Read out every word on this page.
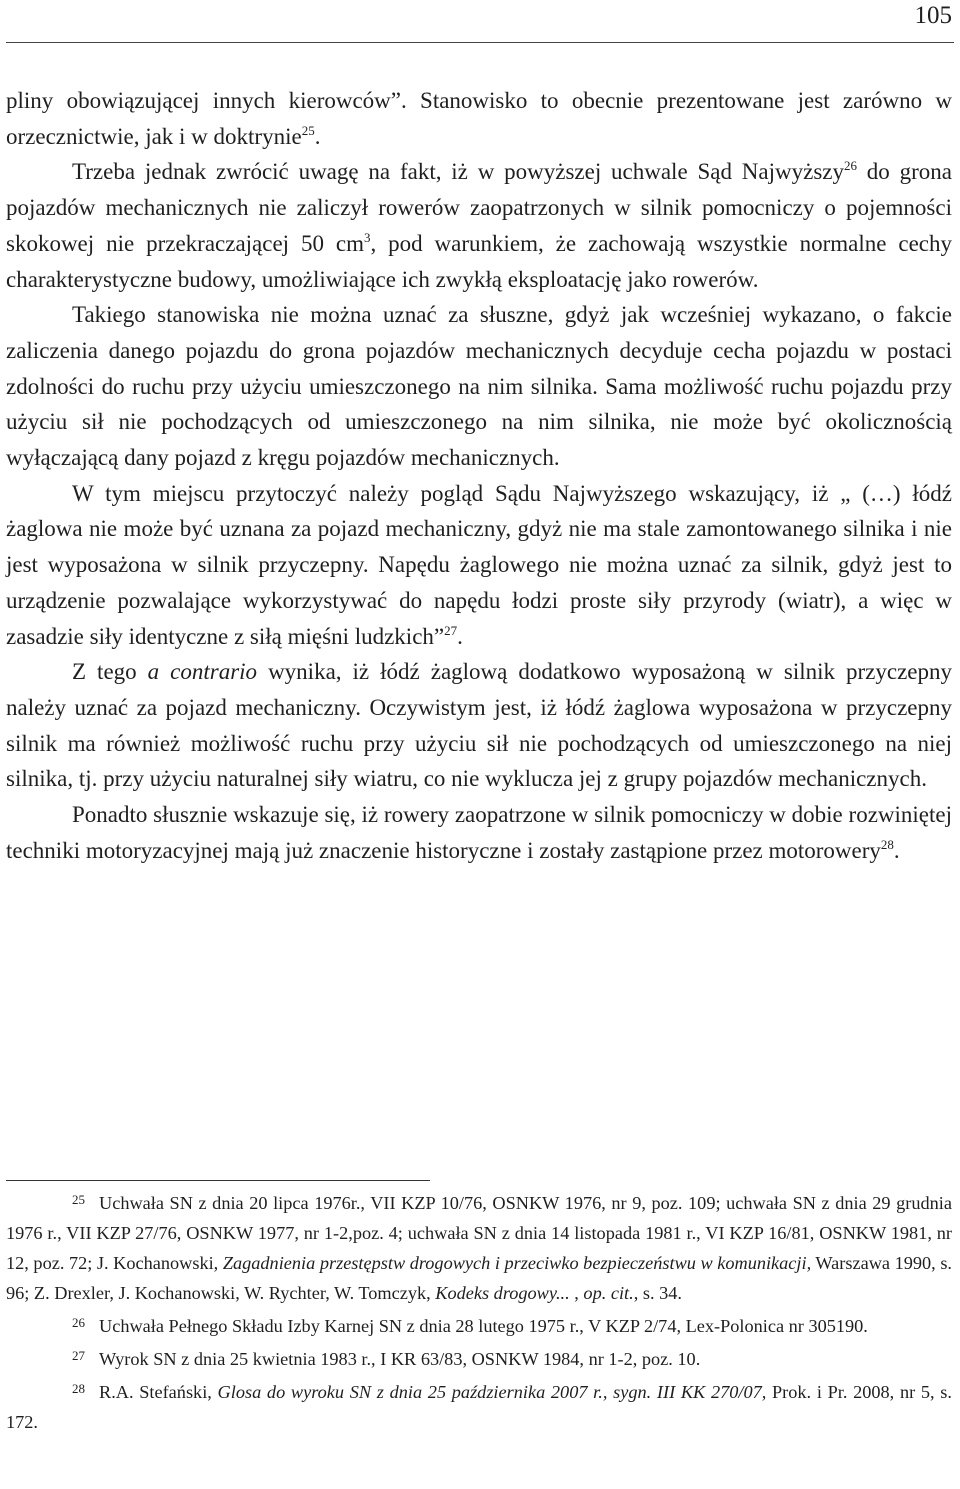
105

pliny obowiązującej innych kierowców”. Stanowisko to obecnie prezentowane jest zarówno w orzecznictwie, jak i w doktrynie$^{25}$.

Trzeba jednak zwrócić uwagę na fakt, iż w powyższej uchwale Sąd Najwyższy$^{26}$ do grona pojazdów mechanicznych nie zaliczył rowerów zaopatrzonych w silnik pomocniczy o pojemności skokowej nie przekraczającej 50 $cm^3$, pod warunkiem, że zachowają wszystkie normalne cechy charakterystyczne budowy, umożliwiające ich zwykłą eksploatację jako rowerów.

Takiego stanowiska nie można uznać za słuszne, gdyż jak wcześniej wykazano, o fakcie zaliczenia danego pojazdu do grona pojazdów mechanicznych decyduje cecha pojazdu w postaci zdolności do ruchu przy użyciu umieszczonego na nim silnika. Sama możliwość ruchu pojazdu przy użyciu sił nie pochodzących od umieszczonego na nim silnika, nie może być okolicznością wyłączającą dany pojazd z kręgu pojazdów mechanicznych.

W tym miejscu przytoczyć należy pogląd Sądu Najwyższego wskazujący, iż „ (…) łódź żaglowa nie może być uznana za pojazd mechaniczny, gdyż nie ma stale zamontowanego silnika i nie jest wyposażona w silnik przyczepny. Napędu żaglowego nie można uznać za silnik, gdyż jest to urządzenie pozwalające wykorzystywać do napędu łodzi proste siły przyrody (wiatr), a więc w zasadzie siły identyczne z siłą mięśni ludzkich”$^{27}$.

Z tego a contrario wynika, iż łódź żaglową dodatkowo wyposażoną w silnik przyczepny należy uznać za pojazd mechaniczny. Oczywistym jest, iż łódź żaglowa wyposażona w przyczepny silnik ma również możliwość ruchu przy użyciu sił nie pochodzących od umieszczonego na niej silnika, tj. przy użyciu naturalnej siły wiatru, co nie wyklucza jej z grupy pojazdów mechanicznych.

Ponadto słusznie wskazuje się, iż rowery zaopatrzone w silnik pomocniczy w dobie rozwiniętej techniki motoryzacyjnej mają już znaczenie historyczne i zostały zastąpione przez motorowery$^{28}$.

$^{25}$ Uchwała SN z dnia 20 lipca 1976r., VII KZP 10/76, OSNKW 1976, nr 9, poz. 109; uchwała SN z dnia 29 grudnia 1976 r., VII KZP 27/76, OSNKW 1977, nr 1-2,poz. 4; uchwała SN z dnia 14 listopada 1981 r., VI KZP 16/81, OSNKW 1981, nr 12, poz. 72; J. Kochanowski, Zagadnienia przestępstw drogowych i przeciwko bezpieczeństwu w komunikacji, Warszawa 1990, s. 96; Z. Drexler, J. Kochanowski, W. Rychter, W. Tomczyk, Kodeks drogowy... , op. cit., s. 34.

$^{26}$ Uchwała Pełnego Składu Izby Karnej SN z dnia 28 lutego 1975 r., V KZP 2/74, Lex-Polonica nr 305190.

$^{27}$ Wyrok SN z dnia 25 kwietnia 1983 r., I KR 63/83, OSNKW 1984, nr 1-2, poz. 10.

$^{28}$ R.A. Stefański, Glosa do wyroku SN z dnia 25 października 2007 r., sygn. III KK 270/07, Prok. i Pr. 2008, nr 5, s. 172.
